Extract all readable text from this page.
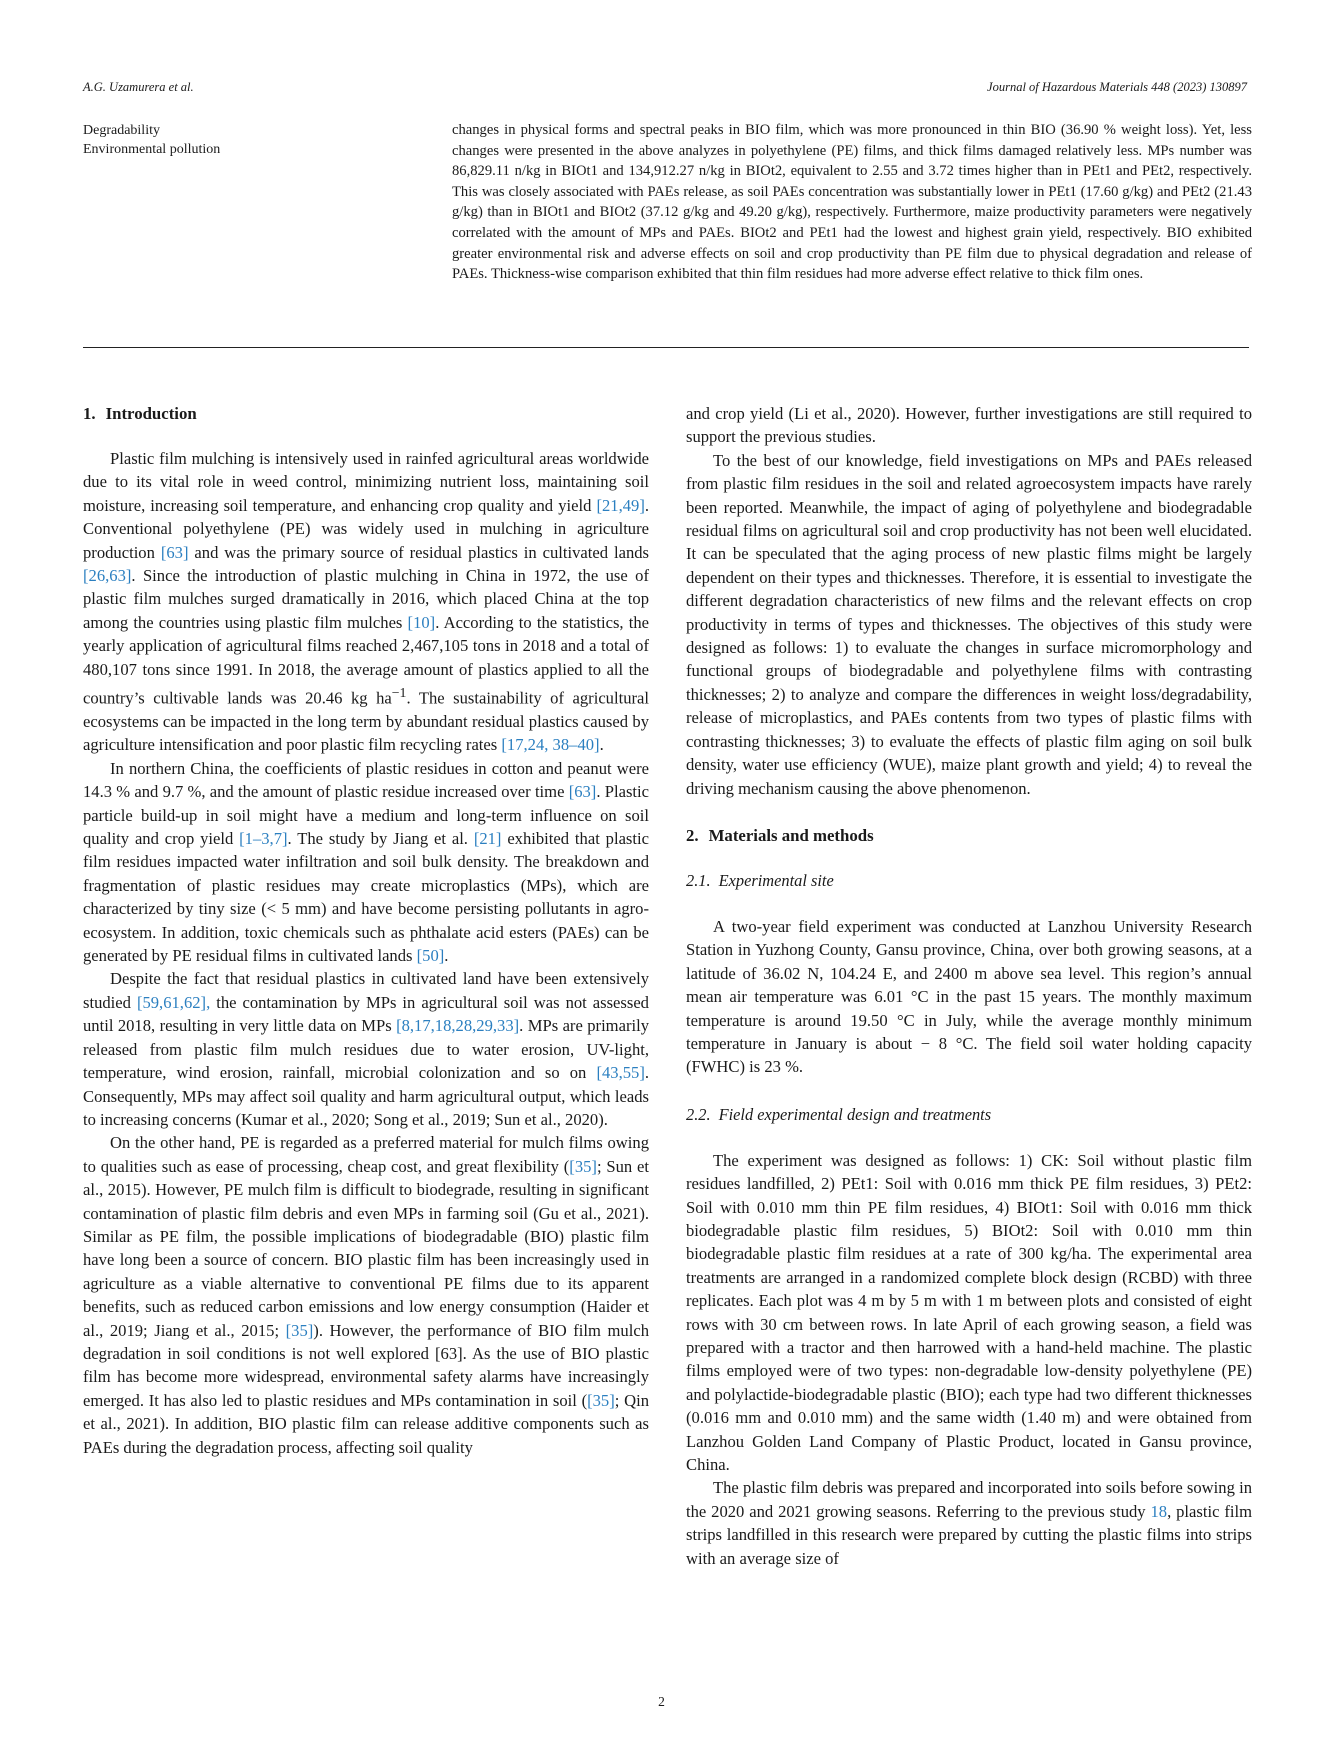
A.G. Uzamurera et al.	Journal of Hazardous Materials 448 (2023) 130897
Degradability
Environmental pollution
changes in physical forms and spectral peaks in BIO film, which was more pronounced in thin BIO (36.90 % weight loss). Yet, less changes were presented in the above analyzes in polyethylene (PE) films, and thick films damaged relatively less. MPs number was 86,829.11 n/kg in BIOt1 and 134,912.27 n/kg in BIOt2, equivalent to 2.55 and 3.72 times higher than in PEt1 and PEt2, respectively. This was closely associated with PAEs release, as soil PAEs concentration was substantially lower in PEt1 (17.60 g/kg) and PEt2 (21.43 g/kg) than in BIOt1 and BIOt2 (37.12 g/kg and 49.20 g/kg), respectively. Furthermore, maize productivity parameters were negatively correlated with the amount of MPs and PAEs. BIOt2 and PEt1 had the lowest and highest grain yield, respectively. BIO exhibited greater environmental risk and adverse effects on soil and crop productivity than PE film due to physical degradation and release of PAEs. Thickness-wise comparison exhibited that thin film residues had more adverse effect relative to thick film ones.
1. Introduction

Plastic film mulching is intensively used in rainfed agricultural areas worldwide due to its vital role in weed control, minimizing nutrient loss, maintaining soil moisture, increasing soil temperature, and enhancing crop quality and yield [21,49]. Conventional polyethylene (PE) was widely used in mulching in agriculture production [63] and was the primary source of residual plastics in cultivated lands [26,63]. Since the introduction of plastic mulching in China in 1972, the use of plastic film mulches surged dramatically in 2016, which placed China at the top among the countries using plastic film mulches [10]. According to the statistics, the yearly application of agricultural films reached 2,467,105 tons in 2018 and a total of 480,107 tons since 1991. In 2018, the average amount of plastics applied to all the country’s cultivable lands was 20.46 kg $ha^{-1}$. The sustainability of agricultural ecosystems can be impacted in the long term by abundant residual plastics caused by agriculture intensification and poor plastic film recycling rates [17,24, 38–40].

In northern China, the coefficients of plastic residues in cotton and peanut were 14.3 % and 9.7 %, and the amount of plastic residue increased over time [63]. Plastic particle build-up in soil might have a medium and long-term influence on soil quality and crop yield [1–3,7]. The study by Jiang et al. [21] exhibited that plastic film residues impacted water infiltration and soil bulk density. The breakdown and fragmentation of plastic residues may create microplastics (MPs), which are characterized by tiny size (< 5 mm) and have become persisting pollutants in agro-ecosystem. In addition, toxic chemicals such as phthalate acid esters (PAEs) can be generated by PE residual films in cultivated lands [50].

Despite the fact that residual plastics in cultivated land have been extensively studied [59,61,62], the contamination by MPs in agricultural soil was not assessed until 2018, resulting in very little data on MPs [8,17,18,28,29,33]. MPs are primarily released from plastic film mulch residues due to water erosion, UV-light, temperature, wind erosion, rainfall, microbial colonization and so on [43,55]. Consequently, MPs may affect soil quality and harm agricultural output, which leads to increasing concerns (Kumar et al., 2020; Song et al., 2019; Sun et al., 2020).

On the other hand, PE is regarded as a preferred material for mulch films owing to qualities such as ease of processing, cheap cost, and great flexibility ([35]; Sun et al., 2015). However, PE mulch film is difficult to biodegrade, resulting in significant contamination of plastic film debris and even MPs in farming soil (Gu et al., 2021). Similar as PE film, the possible implications of biodegradable (BIO) plastic film have long been a source of concern. BIO plastic film has been increasingly used in agriculture as a viable alternative to conventional PE films due to its apparent benefits, such as reduced carbon emissions and low energy consumption (Haider et al., 2019; Jiang et al., 2015; [35]). However, the performance of BIO film mulch degradation in soil conditions is not well explored [63]. As the use of BIO plastic film has become more widespread, environmental safety alarms have increasingly emerged. It has also led to plastic residues and MPs contamination in soil ([35]; Qin et al., 2021). In addition, BIO plastic film can release additive components such as PAEs during the degradation process, affecting soil quality

and crop yield (Li et al., 2020). However, further investigations are still required to support the previous studies.

To the best of our knowledge, field investigations on MPs and PAEs released from plastic film residues in the soil and related agroecosystem impacts have rarely been reported. Meanwhile, the impact of aging of polyethylene and biodegradable residual films on agricultural soil and crop productivity has not been well elucidated. It can be speculated that the aging process of new plastic films might be largely dependent on their types and thicknesses. Therefore, it is essential to investigate the different degradation characteristics of new films and the relevant effects on crop productivity in terms of types and thicknesses. The objectives of this study were designed as follows: 1) to evaluate the changes in surface micromorphology and functional groups of biodegradable and polyethylene films with contrasting thicknesses; 2) to analyze and compare the differences in weight loss/degradability, release of microplastics, and PAEs contents from two types of plastic films with contrasting thicknesses; 3) to evaluate the effects of plastic film aging on soil bulk density, water use efficiency (WUE), maize plant growth and yield; 4) to reveal the driving mechanism causing the above phenomenon.

2. Materials and methods
2.1. Experimental site

A two-year field experiment was conducted at Lanzhou University Research Station in Yuzhong County, Gansu province, China, over both growing seasons, at a latitude of 36.02 N, 104.24 E, and 2400 m above sea level. This region’s annual mean air temperature was 6.01 °C in the past 15 years. The monthly maximum temperature is around 19.50 °C in July, while the average monthly minimum temperature in January is about − 8 °C. The field soil water holding capacity (FWHC) is 23 %.

2.2. Field experimental design and treatments

The experiment was designed as follows: 1) CK: Soil without plastic film residues landfilled, 2) PEt1: Soil with 0.016 mm thick PE film residues, 3) PEt2: Soil with 0.010 mm thin PE film residues, 4) BIOt1: Soil with 0.016 mm thick biodegradable plastic film residues, 5) BIOt2: Soil with 0.010 mm thin biodegradable plastic film residues at a rate of 300 kg/ha. The experimental area treatments are arranged in a randomized complete block design (RCBD) with three replicates. Each plot was 4 m by 5 m with 1 m between plots and consisted of eight rows with 30 cm between rows. In late April of each growing season, a field was prepared with a tractor and then harrowed with a hand-held machine. The plastic films employed were of two types: non-degradable low-density polyethylene (PE) and polylactide-biodegradable plastic (BIO); each type had two different thicknesses (0.016 mm and 0.010 mm) and the same width (1.40 m) and were obtained from Lanzhou Golden Land Company of Plastic Product, located in Gansu province, China.

The plastic film debris was prepared and incorporated into soils before sowing in the 2020 and 2021 growing seasons. Referring to the previous study 18, plastic film strips landfilled in this research were prepared by cutting the plastic films into strips with an average size of

2
